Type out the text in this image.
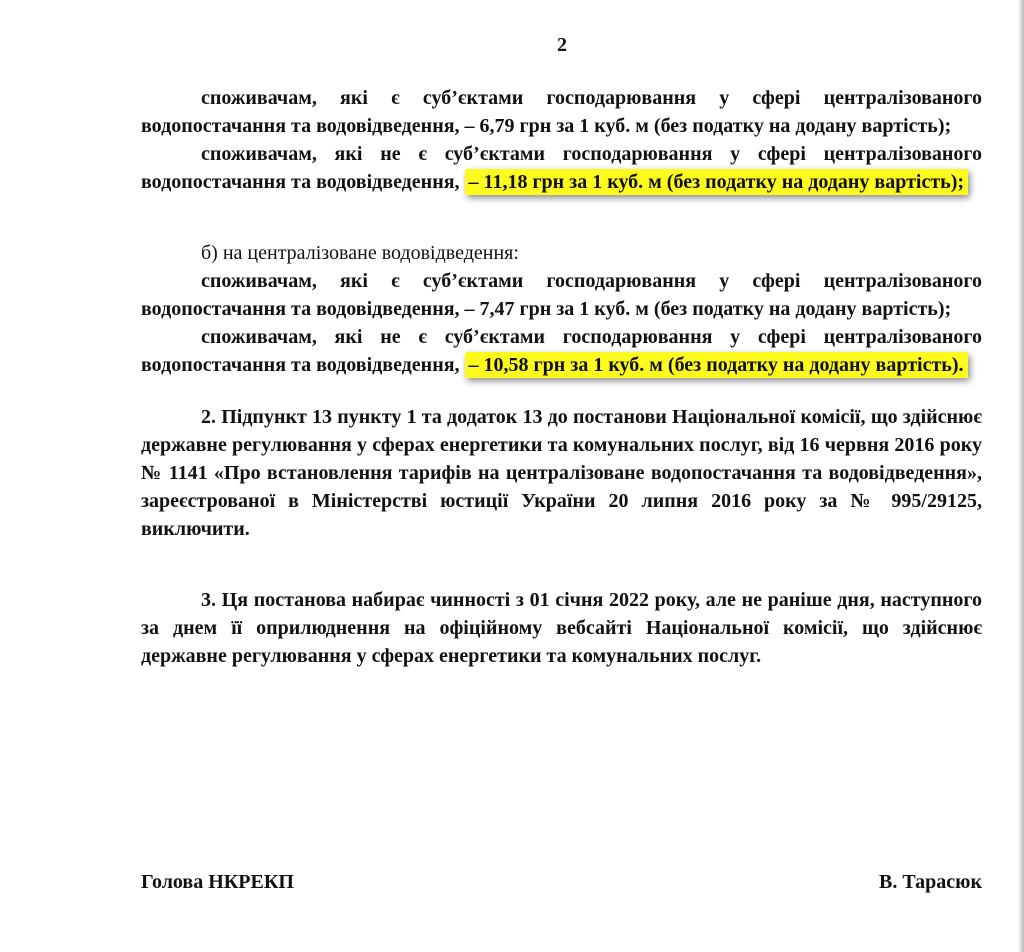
2

споживачам, які є суб’єктами господарювання у сфері централізованого водопостачання та водовідведення, – 6,79 грн за 1 куб. м (без податку на додану вартість);

споживачам, які не є суб’єктами господарювання у сфері централізованого водопостачання та водовідведення, – 11,18 грн за 1 куб. м (без податку на додану вартість);

б) на централізоване водовідведення:

споживачам, які є суб’єктами господарювання у сфері централізованого водопостачання та водовідведення, – 7,47 грн за 1 куб. м (без податку на додану вартість);

споживачам, які не є суб’єктами господарювання у сфері централізованого водопостачання та водовідведення, – 10,58 грн за 1 куб. м (без податку на додану вартість).

2. Підпункт 13 пункту 1 та додаток 13 до постанови Національної комісії, що здійснює державне регулювання у сферах енергетики та комунальних послуг, від 16 червня 2016 року № 1141 «Про встановлення тарифів на централізоване водопостачання та водовідведення», зареєстрованої в Міністерстві юстиції України 20 липня 2016 року за № 995/29125, виключити.

3. Ця постанова набирає чинності з 01 січня 2022 року, але не раніше дня, наступного за днем її оприлюднення на офіційному вебсайті Національної комісії, що здійснює державне регулювання у сферах енергетики та комунальних послуг.

Голова НКРЕКП	В. Тарасюк
